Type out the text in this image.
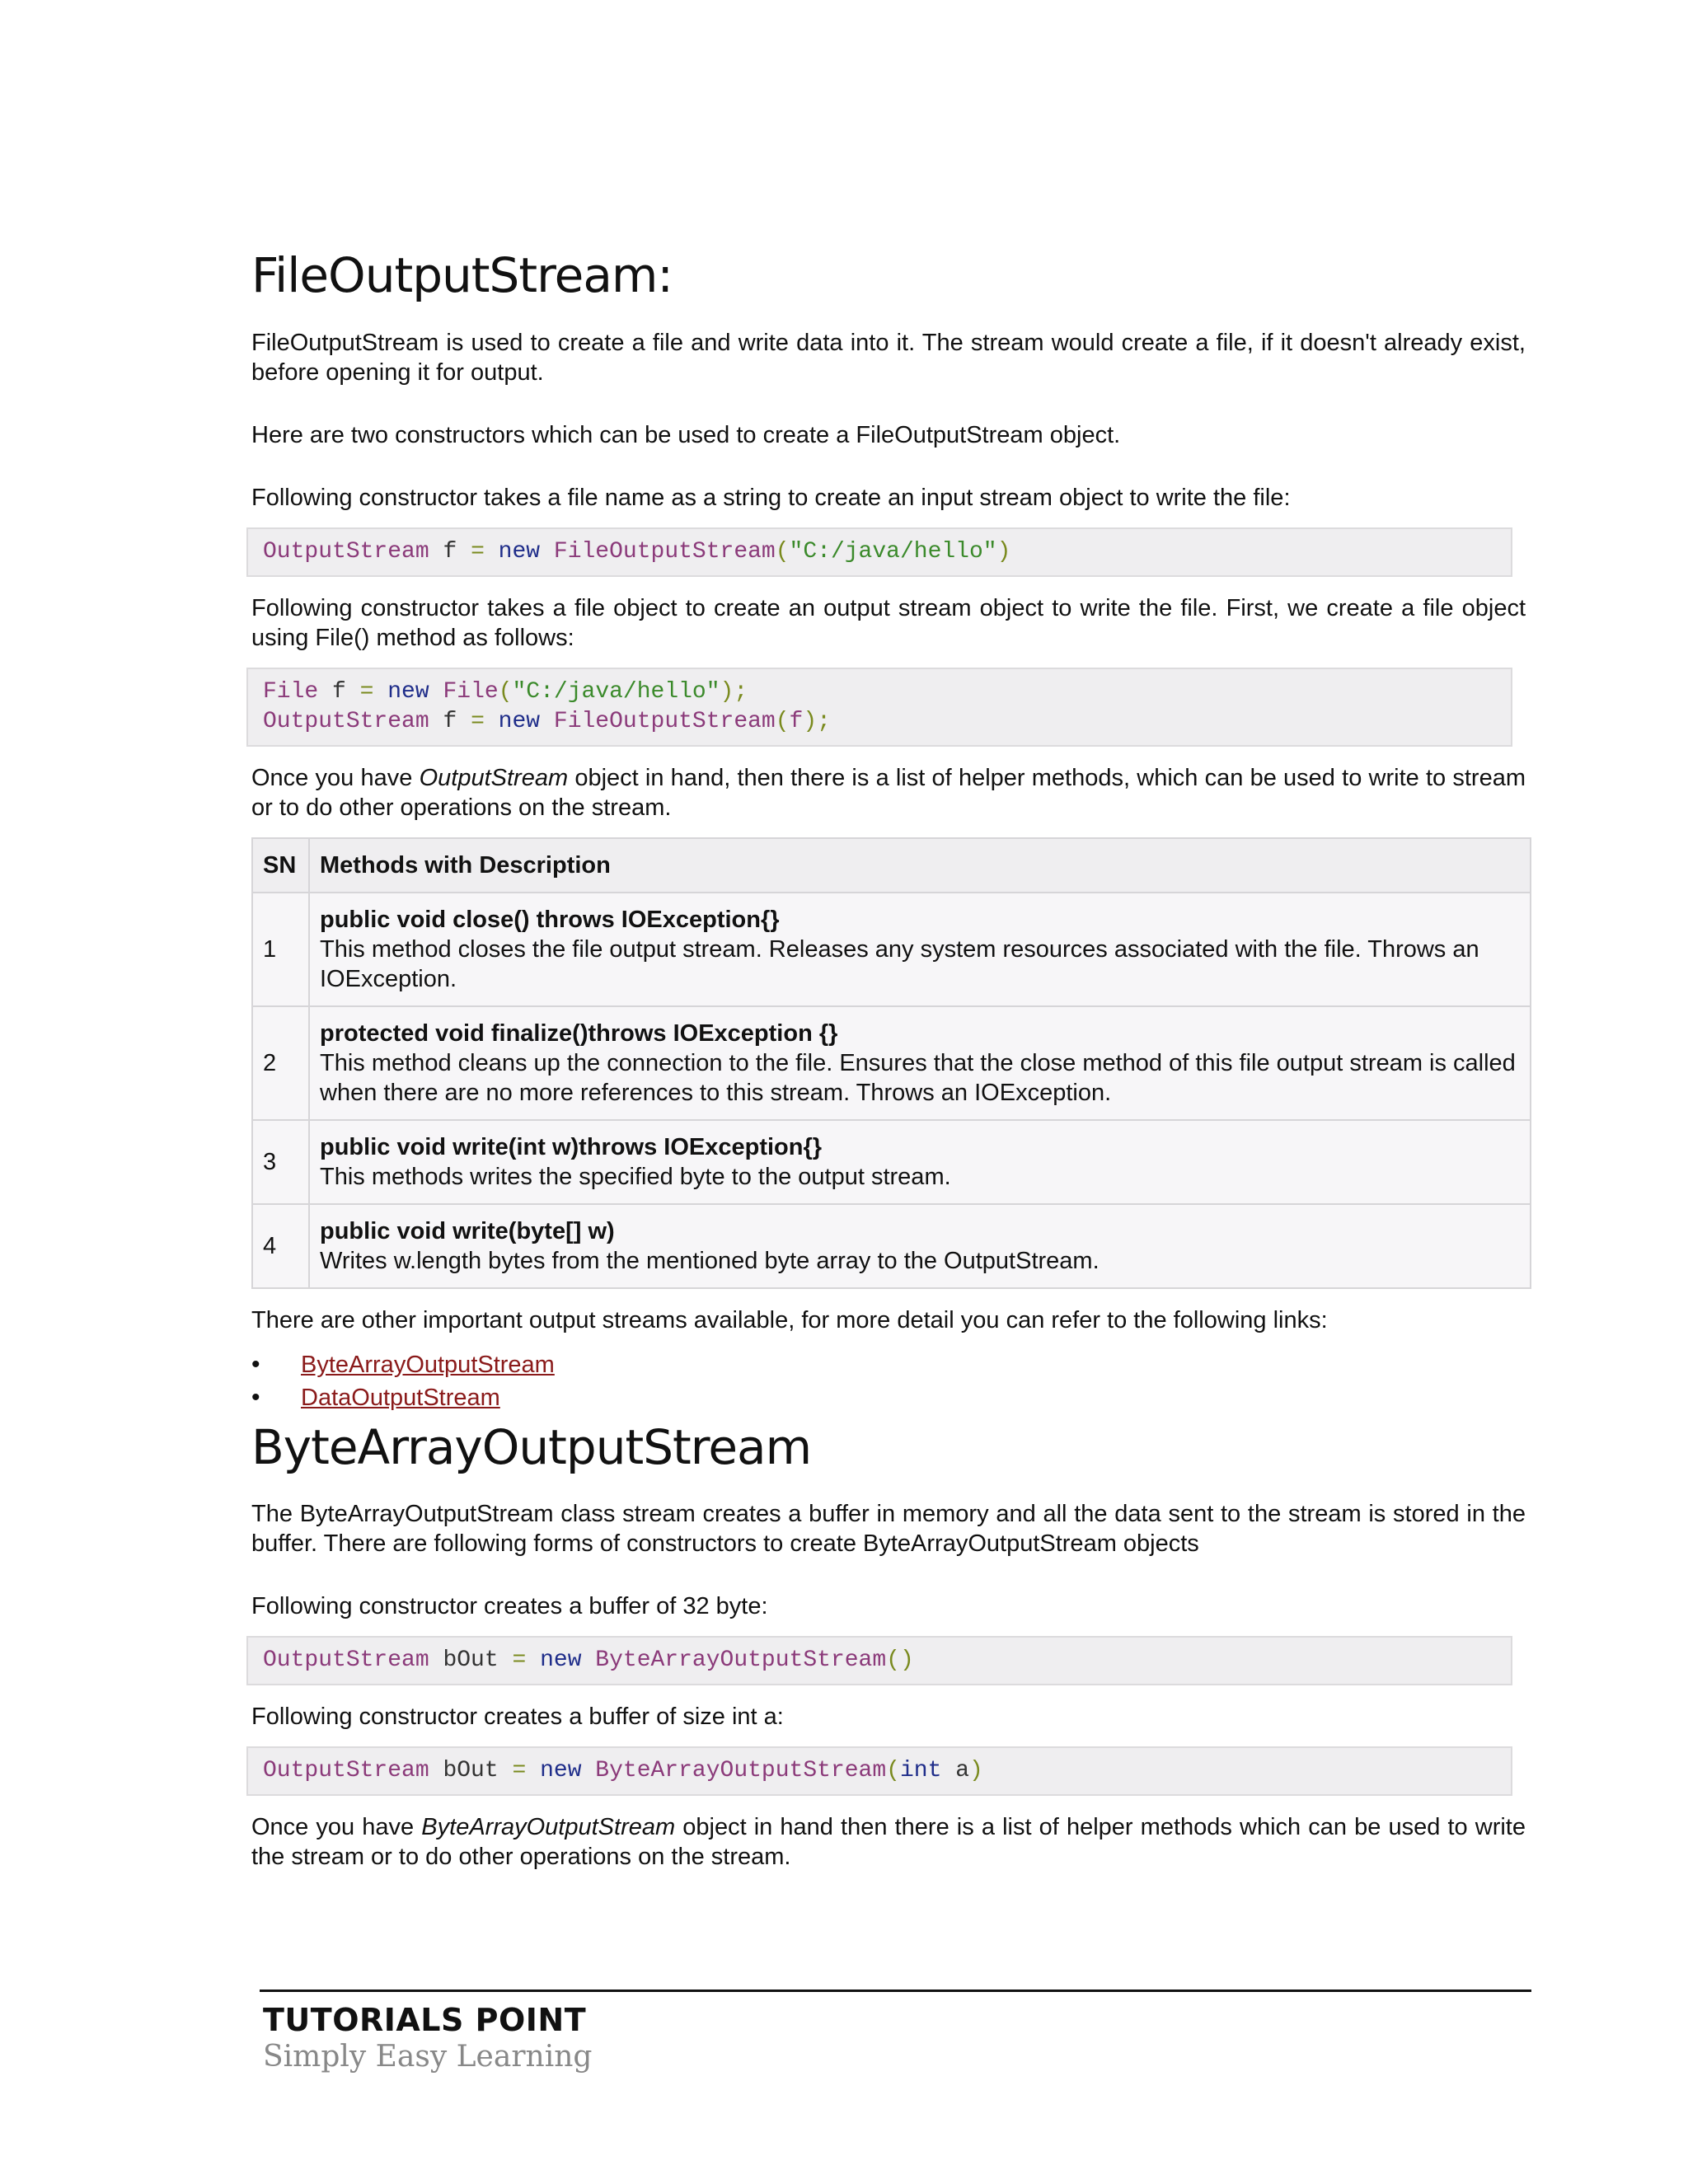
FileOutputStream:

FileOutputStream is used to create a file and write data into it. The stream would create a file, if it doesn't already exist, before opening it for output.

Here are two constructors which can be used to create a FileOutputStream object.

Following constructor takes a file name as a string to create an input stream object to write the file:

OutputStream f = new FileOutputStream("C:/java/hello")

Following constructor takes a file object to create an output stream object to write the file. First, we create a file object using File() method as follows:

File f = new File("C:/java/hello");
OutputStream f = new FileOutputStream(f);

Once you have OutputStream object in hand, then there is a list of helper methods, which can be used to write to stream or to do other operations on the stream.

SN	Methods with Description
1	public void close() throws IOException{}
This method closes the file output stream. Releases any system resources associated with the file. Throws an IOException.
2	protected void finalize()throws IOException {}
This method cleans up the connection to the file. Ensures that the close method of this file output stream is called when there are no more references to this stream. Throws an IOException.
3	public void write(int w)throws IOException{}
This methods writes the specified byte to the output stream.
4	public void write(byte[] w)
Writes w.length bytes from the mentioned byte array to the OutputStream.

There are other important output streams available, for more detail you can refer to the following links:

• ByteArrayOutputStream
• DataOutputStream
ByteArrayOutputStream

The ByteArrayOutputStream class stream creates a buffer in memory and all the data sent to the stream is stored in the buffer. There are following forms of constructors to create ByteArrayOutputStream objects

Following constructor creates a buffer of 32 byte:

OutputStream bOut = new ByteArrayOutputStream()

Following constructor creates a buffer of size int a:

OutputStream bOut = new ByteArrayOutputStream(int a)

Once you have ByteArrayOutputStream object in hand then there is a list of helper methods which can be used to write the stream or to do other operations on the stream.

TUTORIALS POINT
Simply Easy Learning
